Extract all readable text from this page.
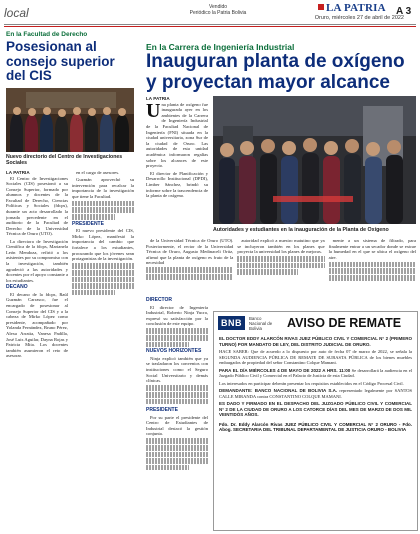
local	Vendido
Periódico la Patria Bolivia	LA PATRIA
Oruro, miércoles 27 de abril de 2022
A 3
En la Facultad de Derecho
Posesionan al consejo superior del CIS
Nuevo directorio del Centro de Investigaciones Sociales
LA PATRIA

El Centro de Investigaciones Sociales (CIS) posesionó a su Consejo Superior, formado por alumnos y docentes de la Facultad de Derecho, Ciencias Políticas y Sociales (fdcps), durante un acto desarrollado la jornada precedente en el auditorio de la Facultad de Derecho de la Universidad Técnica de Oruro (UTO).

La directora de Investigación Científica de la fdcps, Marianela León Mendoza, refirió a los asistentes por su compromiso con la investigación, también agradeció a las autoridades y docentes por el apoyo constante a los estudiantes.

DECANO

El decano de la fdcps, Raúl Guzmán Carrasco, fue el encargado de posesionar al Consejo Superior del CIS y a la cabeza de Mirko López como presidente, acompañado por Yolanda Fernández, Bruno Pérez, Alexa Arratia, Vanesa Padilla, José Luis Aguilar, Dayna Rojas y Patricia Mita. Los docentes también asumieron el reto de asesorar.

en el cargo de asesores.

Guzmán aprovechó su intervención para recalcar la importancia de la investigación que tiene la Facultad.

PRESIDENTE

El nuevo presidente del CIS, Mirko López, manifestó la importancia del cambio que fortalece a los estudiantes, procurando que los jóvenes sean protagonistas de la investigación.

En la Carrera de Ingeniería Industrial
Inauguran planta de oxígeno y proyectan mayor alcance
LA PATRIA
U na planta de oxígeno fue inaugurada ayer en los ambientes de la Carrera de Ingeniería Industrial de la Facultad Nacional de Ingeniería (FNI) situada en la ciudad universitaria, zona Sur de la ciudad de Oruro. Las autoridades de esta unidad académica informaron regalías sobre los alcances de este proyecto.

El director de Planificación y Desarrollo Institucional (DPDI), Limber Sánchez, brindó su informe sobre la trascendencia de la planta de oxígeno.

Autoridades y estudiantes en la inauguración de la Planta de Oxígeno

de la Universidad Técnica de Oruro (UTO). Posteriormente, el rector de la Universidad Técnica de Oruro, Augusto Medinaceli Ortiz, afirmó que la planta de oxígeno es fruto de la necesidad

autoridad explicó a nuestro matutino que ya se incluyeron también en los planes que proyecta la universidad los planes de mejoras.

mente a un sistema de filtrado, para finalmente entrar a un secador donde se extrae la humedad en el que se ubica el oxígeno del aire.

DIRECTOR

El director de Ingeniería Industrial, Roberto Ninja Yucra, expresó su satisfacción por la conclusión de este equipo.

NUEVOS HORIZONTES

Ninja explicó también que ya se trasladaron los convenios con instituciones como el Seguro Social Universitario y demás clínicas.

PRESIDENTE

Por su parte el presidente del Centro de Estudiantes de Industrial destacó la gestión conjunta.

BNB	Banco Nacional de Bolivia	AVISO DE REMATE

EL DOCTOR EDDY ALARCÓN RIVAS JUEZ PÚBLICO CIVIL Y COMERCIAL N° 2 (PRIMERO TURNO) POR MANDATO DE LEY, DEL DISTRITO JUDICIAL DE ORURO.

HACE SABER: Que de acuerdo a lo dispuesto por auto de fecha 07 de marzo de 2022, se señala la SEGUNDA AUDIENCIA PÚBLICA DE REMATE DE SUBASTA PÚBLICA de los bienes muebles embargados de propiedad del señor Constantino Colque Mamani.

PARA EL DÍA MIÉRCOLES 4 DE MAYO DE 2022 A HRS. 11:00 Se desarrollará la audiencia en el Juzgado Público Civil y Comercial en el Palacio de Justicia de esta Ciudad.

Los interesados en participar deberán presentar los requisitos establecidos en el Código Procesal Civil.

DEMANDANTE: BANCO NACIONAL DE BOLIVIA S.A. representado legalmente por SANTOS CALLE MIRANDA contra CONSTANTINO COLQUE MAMANI.

ES DADO Y FIRMADO EN EL DESPACHO DEL JUZGADO PÚBLICO CIVIL Y COMERCIAL N° 2 DE LA CIUDAD DE ORURO A LOS CATORCE DÍAS DEL MES DE MARZO DE DOS MIL VEINTIDÓS AÑOS.

Fdo. Dr. Eddy Alarcón Rivas JUEZ PÚBLICO CIVIL Y COMERCIAL N° 2 ORURO - Fdo. Abog. SECRETARIA DEL TRIBUNAL DEPARTAMENTAL DE JUSTICIA ORURO - BOLIVIA
